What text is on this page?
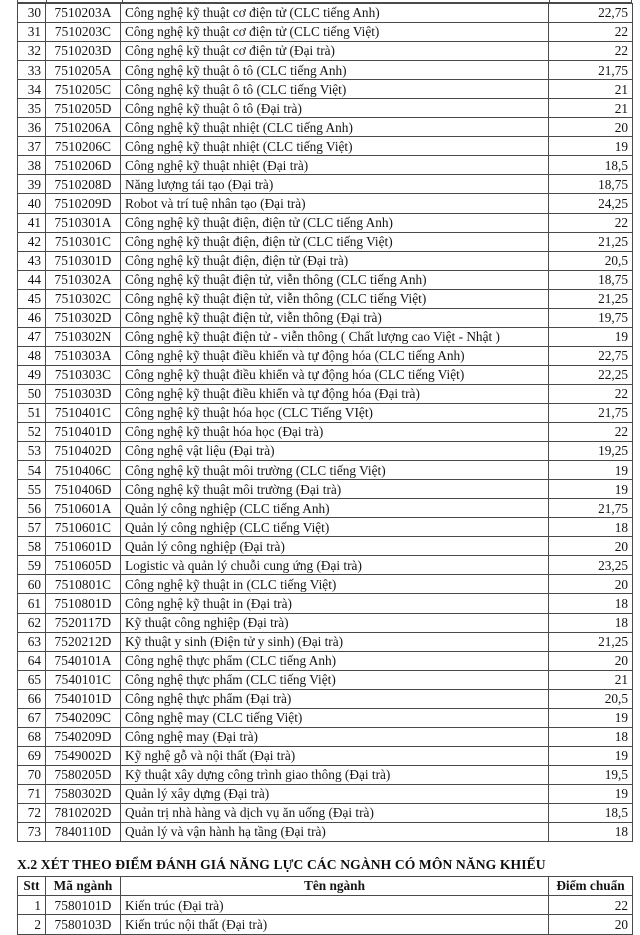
30	7510203A	Công nghệ kỹ thuật cơ điện tử (CLC tiếng Anh)	22,75
31	7510203C	Công nghệ kỹ thuật cơ điện tử (CLC tiếng Việt)	22
32	7510203D	Công nghệ kỹ thuật cơ điện tử (Đại trà)	22
33	7510205A	Công nghệ kỹ thuật ô tô (CLC tiếng Anh)	21,75
34	7510205C	Công nghệ kỹ thuật ô tô (CLC tiếng Việt)	21
35	7510205D	Công nghệ kỹ thuật ô tô (Đại trà)	21
36	7510206A	Công nghệ kỹ thuật nhiệt (CLC tiếng Anh)	20
37	7510206C	Công nghệ kỹ thuật nhiệt (CLC tiếng Việt)	19
38	7510206D	Công nghệ kỹ thuật nhiệt (Đại trà)	18,5
39	7510208D	Năng lượng tái tạo (Đại trà)	18,75
40	7510209D	Robot và trí tuệ nhân tạo (Đại trà)	24,25
41	7510301A	Công nghệ kỹ thuật điện, điện tử (CLC tiếng Anh)	22
42	7510301C	Công nghệ kỹ thuật điện, điện tử (CLC tiếng Việt)	21,25
43	7510301D	Công nghệ kỹ thuật điện, điện tử (Đại trà)	20,5
44	7510302A	Công nghệ kỹ thuật điện tử, viễn thông (CLC tiếng Anh)	18,75
45	7510302C	Công nghệ kỹ thuật điện tử, viễn thông (CLC tiếng Việt)	21,25
46	7510302D	Công nghệ kỹ thuật điện tử, viễn thông (Đại trà)	19,75
47	7510302N	Công nghệ kỹ thuật điện tử - viễn thông ( Chất lượng cao Việt - Nhật )	19
48	7510303A	Công nghệ kỹ thuật điều khiển và tự động hóa (CLC tiếng Anh)	22,75
49	7510303C	Công nghệ kỹ thuật điều khiển và tự động hóa (CLC tiếng Việt)	22,25
50	7510303D	Công nghệ kỹ thuật điều khiển và tự động hóa (Đại trà)	22
51	7510401C	Công nghệ kỹ thuật hóa học (CLC Tiếng VIệt)	21,75
52	7510401D	Công nghệ kỹ thuật hóa học (Đại trà)	22
53	7510402D	Công nghệ vật liệu (Đại trà)	19,25
54	7510406C	Công nghệ kỹ thuật môi trường (CLC tiếng Việt)	19
55	7510406D	Công nghệ kỹ thuật môi trường (Đại trà)	19
56	7510601A	Quản lý công nghiệp (CLC tiếng Anh)	21,75
57	7510601C	Quản lý công nghiệp (CLC tiếng Việt)	18
58	7510601D	Quản lý công nghiệp (Đại trà)	20
59	7510605D	Logistic và quản lý chuỗi cung ứng (Đại trà)	23,25
60	7510801C	Công nghệ kỹ thuật in (CLC tiếng Việt)	20
61	7510801D	Công nghệ kỹ thuật in (Đại trà)	18
62	7520117D	Kỹ thuật công nghiệp (Đại trà)	18
63	7520212D	Kỹ thuật y sinh (Điện tử y sinh) (Đại trà)	21,25
64	7540101A	Công nghệ thực phẩm (CLC tiếng Anh)	20
65	7540101C	Công nghệ thực phẩm (CLC tiếng Việt)	21
66	7540101D	Công nghệ thực phẩm (Đại trà)	20,5
67	7540209C	Công nghệ may (CLC tiếng Việt)	19
68	7540209D	Công nghệ may (Đại trà)	18
69	7549002D	Kỹ nghệ gỗ và nội thất (Đại trà)	19
70	7580205D	Kỹ thuật xây dựng công trình giao thông (Đại trà)	19,5
71	7580302D	Quản lý xây dựng (Đại trà)	19
72	7810202D	Quản trị nhà hàng và dịch vụ ăn uống (Đại trà)	18,5
73	7840110D	Quản lý và vận hành hạ tầng (Đại trà)	18
X.2 XÉT THEO ĐIỂM ĐÁNH GIÁ NĂNG LỰC CÁC NGÀNH CÓ MÔN NĂNG KHIẾU
Stt	Mã ngành	Tên ngành	Điểm chuẩn
1	7580101D	Kiến trúc (Đại trà)	22
2	7580103D	Kiến trúc nội thất (Đại trà)	20
